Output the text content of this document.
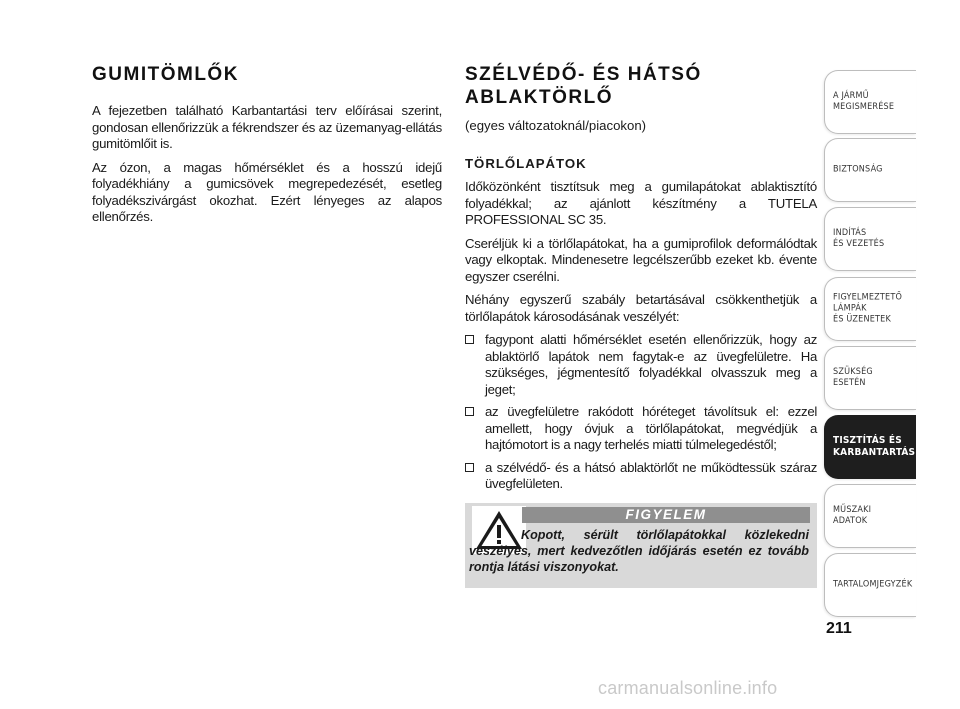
GUMITÖMLŐK

A fejezetben található Karbantartási terv előírásai szerint, gondosan ellenőrizzük a fékrendszer és az üzemanyag-ellátás gumitömlőit is.

Az ózon, a magas hőmérséklet és a hosszú idejű folyadékhiány a gumicsövek megrepedezését, esetleg folyadékszivárgást okozhat. Ezért lényeges az alapos ellenőrzés.

SZÉLVÉDŐ- ÉS HÁTSÓ ABLAKTÖRLŐ
(egyes változatoknál/piacokon)
TÖRLŐLAPÁTOK

Időközönként tisztítsuk meg a gumilapátokat ablaktisztító folyadékkal; az ajánlott készítmény a TUTELA PROFESSIONAL SC 35.

Cseréljük ki a törlőlapátokat, ha a gumiprofilok deformálódtak vagy elkoptak. Mindenesetre legcélszerűbb ezeket kb. évente egyszer cserélni.

Néhány egyszerű szabály betartásával csökkenthetjük a törlőlapátok károsodásának veszélyét:

fagypont alatti hőmérséklet esetén ellenőrizzük, hogy az ablaktörlő lapátok nem fagytak-e az üvegfelületre. Ha szükséges, jégmentesítő folyadékkal olvasszuk meg a jeget;
az üvegfelületre rakódott hóréteget távolítsuk el: ezzel amellett, hogy óvjuk a törlőlapátokat, megvédjük a hajtómotort is a nagy terhelés miatti túlmelegedéstől;
a szélvédő- és a hátsó ablaktörlőt ne működtessük száraz üvegfelületen.
FIGYELEM
Kopott, sérült törlőlapátokkal közlekedni veszélyes, mert kedvezőtlen időjárás esetén ez tovább rontja látási viszonyokat.
A JÁRMŰ
MEGISMERÉSE
BIZTONSÁG
INDÍTÁS
ÉS VEZETÉS
FIGYELMEZTETŐ
LÁMPÁK
ÉS ÜZENETEK
SZÜKSÉG
ESETÉN
TISZTÍTÁS ÉS
KARBANTARTÁS
MŰSZAKI
ADATOK
TARTALOMJEGYZÉK
211
carmanualsonline.info
